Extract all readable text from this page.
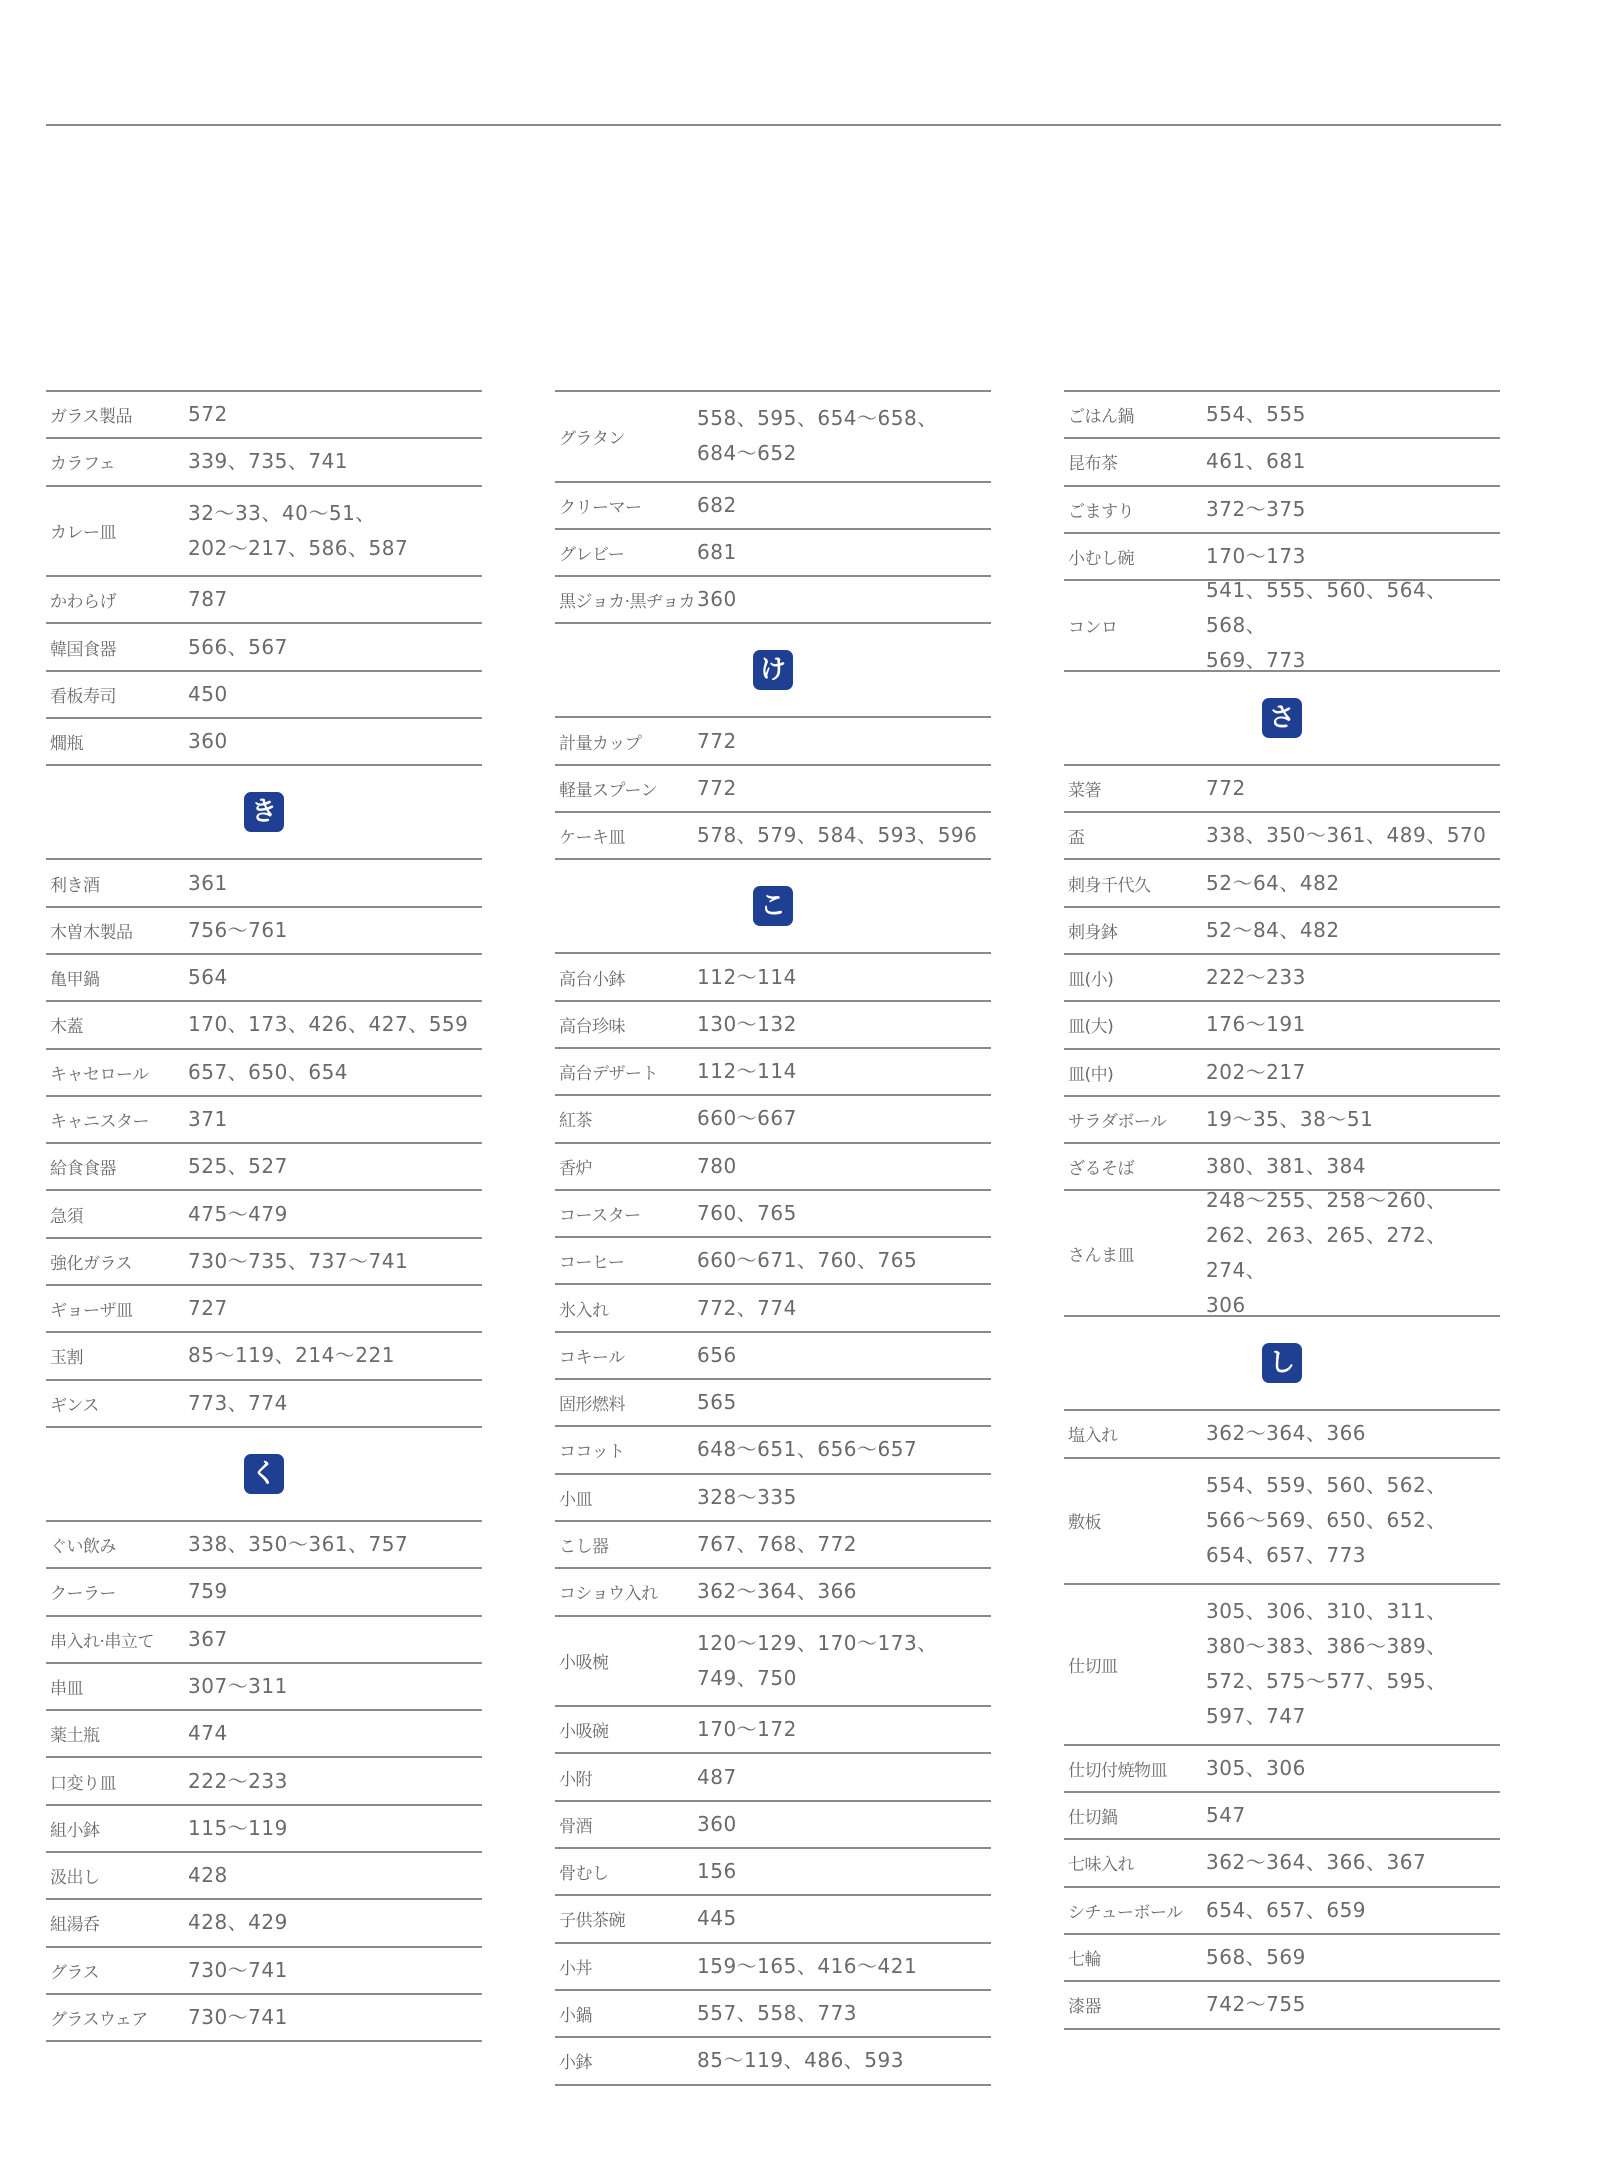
ガラス製品	572
カラフェ	339、735、741
カレー皿
32～33、40～51、
202～217、586、587
かわらげ	787
韓国食器	566、567
看板寿司	450
燗瓶	360
き
利き酒	361
木曽木製品	756～761
亀甲鍋	564
木蓋	170、173、426、427、559
キャセロール	657、650、654
キャニスター	371
給食食器	525、527
急須	475～479
強化ガラス	730～735、737～741
ギョーザ皿	727
玉割	85～119、214～221
ギンス	773、774
く
ぐい飲み	338、350～361、757
クーラー	759
串入れ·串立て	367
串皿	307～311
薬土瓶	474
口変り皿	222～233
組小鉢	115～119
汲出し	428
組湯呑	428、429
グラス	730～741
グラスウェア	730～741
グラタン
558、595、654～658、
684～652
クリーマー	682
グレビー	681
黒ジョカ·黒ヂョカ 360
け
計量カップ	772
軽量スプーン	772
ケーキ皿	578、579、584、593、596
こ
高台小鉢	112～114
高台珍味	130～132
高台デザート	112～114
紅茶	660～667
香炉	780
コースター	760、765
コーヒー	660～671、760、765
氷入れ	772、774
コキール	656
固形燃料	565
ココット	648～651、656～657
小皿	328～335
こし器	767、768、772
コショウ入れ	362～364、366
小吸椀
120～129、170～173、
749、750
小吸碗	170～172
小附	487
骨酒	360
骨むし	156
子供茶碗	445
小丼	159～165、416～421
小鍋	557、558、773
小鉢	85～119、486、593
ごはん鍋	554、555
昆布茶	461、681
ごますり	372～375
小むし碗	170～173
コンロ
541、555、560、564、568、
569、773
さ
菜箸	772
盃	338、350～361、489、570
刺身千代久	52～64、482
刺身鉢	52～84、482
皿(小)	222～233
皿(大)	176～191
皿(中)	202～217
サラダボール	19～35、38～51
ざるそば	380、381、384
さんま皿
248～255、258～260、
262、263、265、272、274、
306
し
塩入れ	362～364、366
敷板
554、559、560、562、
566～569、650、652、
654、657、773
仕切皿
305、306、310、311、
380～383、386～389、
572、575～577、595、
597、747
仕切付焼物皿	305、306
仕切鍋	547
七味入れ	362～364、366、367
シチューボール	654、657、659
七輪	568、569
漆器	742～755
